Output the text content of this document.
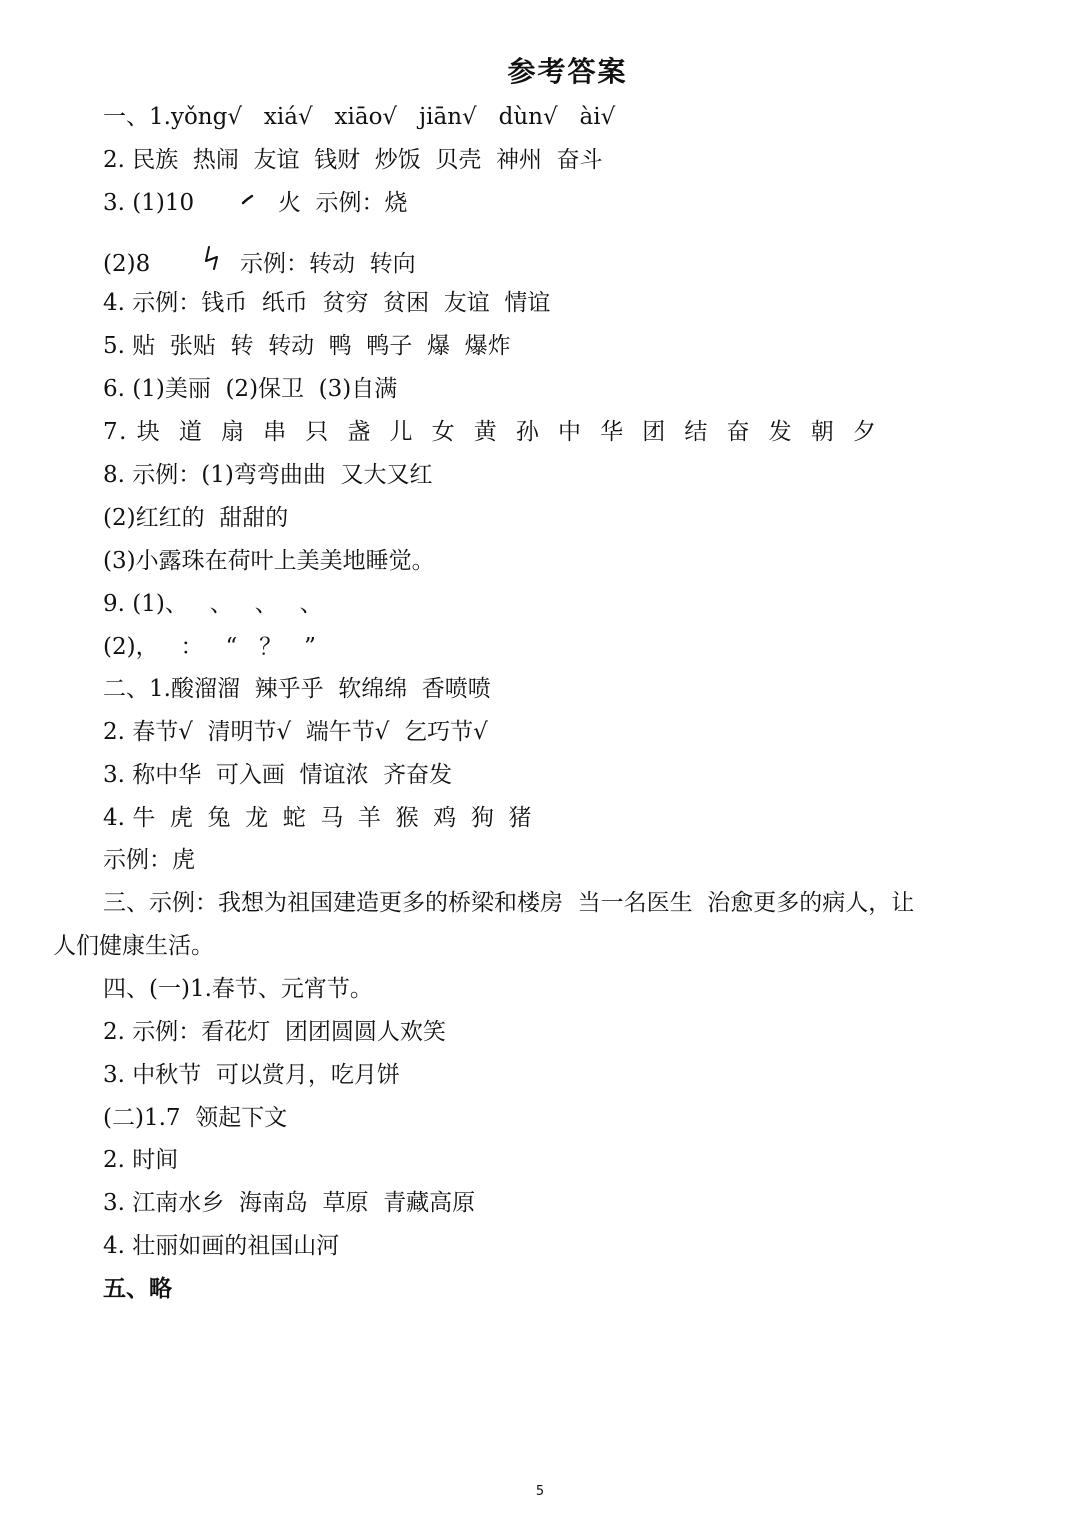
参考答案
一、1.yǒng√   xiá√   xiāo√   jiān√   dùn√   ài√
2. 民族  热闹  友谊  钱财  炒饭  贝壳  神州  奋斗
3. (1)10         火  示例：烧
(2)8         示例：转动  转向
4. 示例：钱币  纸币  贫穷  贫困  友谊  情谊
5. 贴  张贴  转  转动  鸭  鸭子  爆  爆炸
6. (1)美丽  (2)保卫  (3)自满
7. 块  道  扇  串  只  盏  儿  女  黄  孙  中  华  团  结  奋  发  朝  夕
8. 示例：(1)弯弯曲曲  又大又红
(2)红红的  甜甜的
(3)小露珠在荷叶上美美地睡觉。
9. (1)、   、   、   、
(2)，   ：   “   ？   ”
二、1.酸溜溜  辣乎乎  软绵绵  香喷喷
2. 春节√  清明节√  端午节√  乞巧节√
3. 称中华  可入画  情谊浓  齐奋发
4. 牛  虎  兔  龙  蛇  马  羊  猴  鸡  狗  猪
示例：虎
三、示例：我想为祖国建造更多的桥梁和楼房  当一名医生  治愈更多的病人，让
人们健康生活。
四、(一)1.春节、元宵节。
2. 示例：看花灯  团团圆圆人欢笑
3. 中秋节  可以赏月，吃月饼
(二)1.7  领起下文
2. 时间
3. 江南水乡  海南岛  草原  青藏高原
4. 壮丽如画的祖国山河
五、略
5
